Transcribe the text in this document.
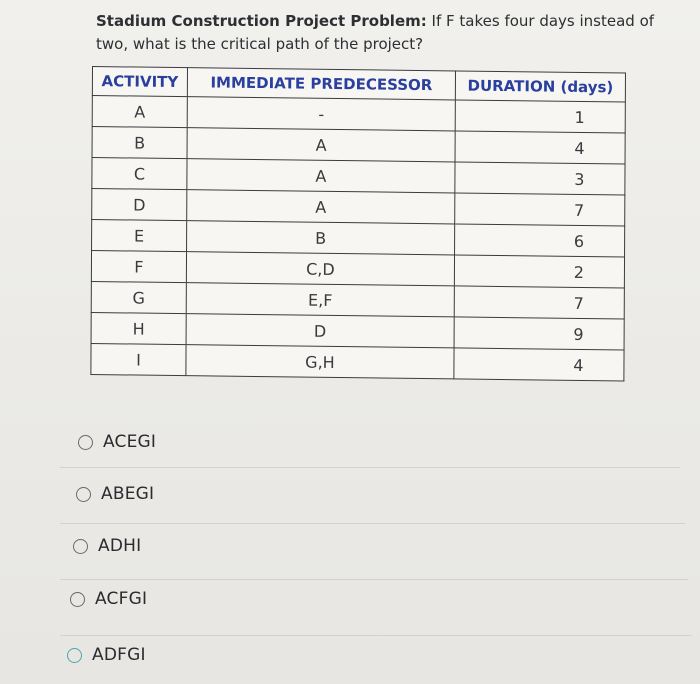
Stadium Construction Project Problem: If F takes four days instead of two, what is the critical path of the project?
ACTIVITY	IMMEDIATE PREDECESSOR	DURATION (days)
A	-	1
B	A	4
C	A	3
D	A	7
E	B	6
F	C,D	2
G	E,F	7
H	D	9
I	G,H	4
ACEGI
ABEGI
ADHI
ACFGI
ADFGI
